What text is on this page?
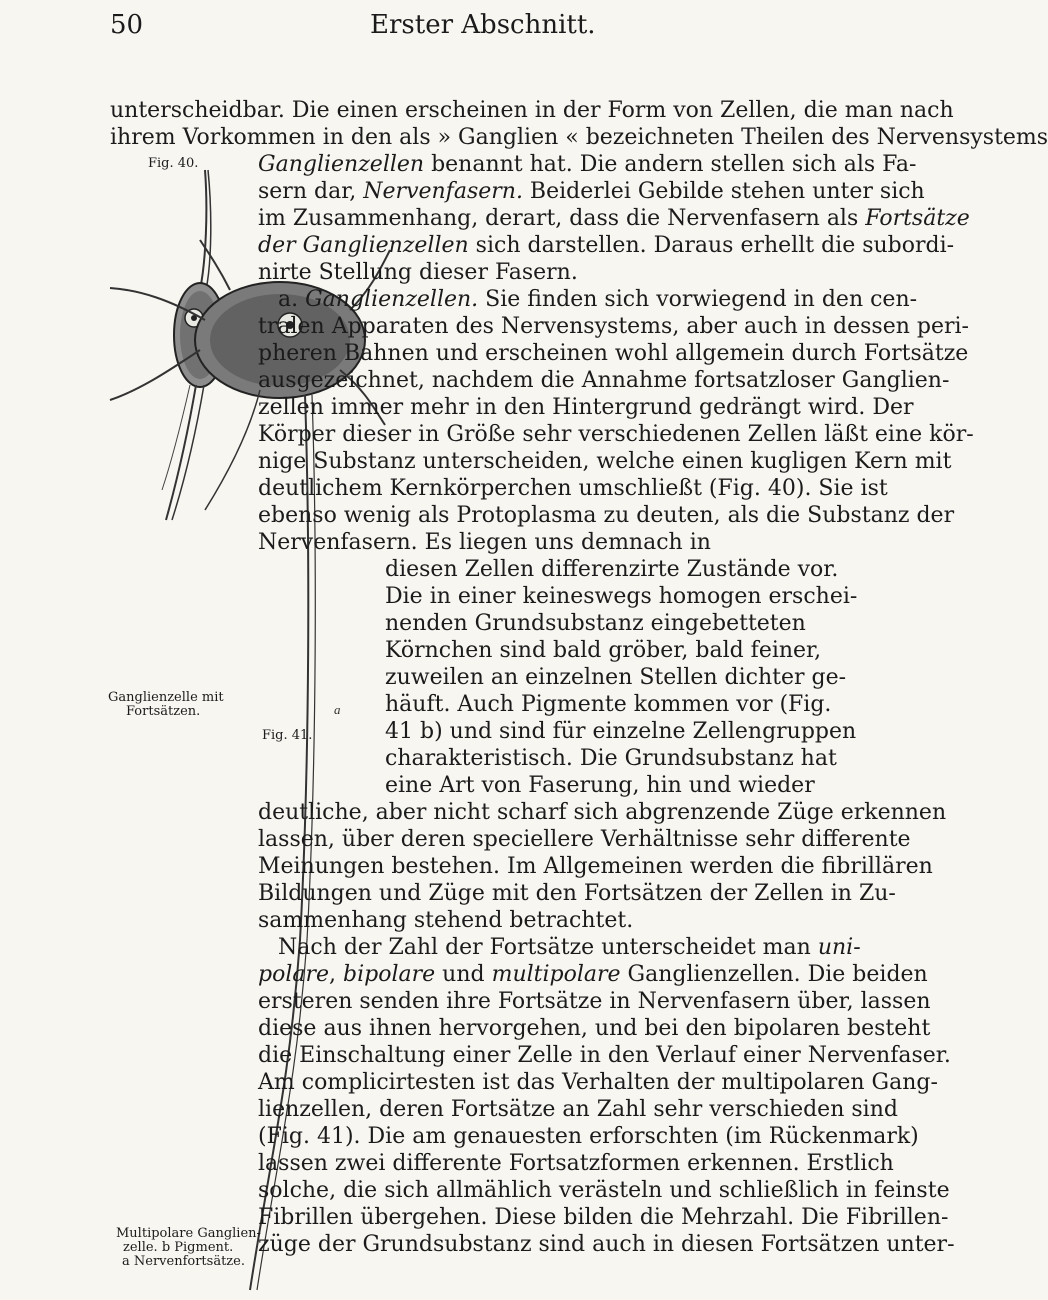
50	Erster Abschnitt.
Fig. 40.
Ganglienzelle mit
Fortsätzen.
Fig. 41.
a
Multipolare Ganglien-
zelle. b Pigment.
a Nervenfortsätze.
unterscheidbar. Die einen erscheinen in der Form von Zellen, die man nach
ihrem Vorkommen in den als » Ganglien « bezeichneten Theilen des Nervensystems
Ganglienzellen benannt hat. Die andern stellen sich als Fa-
sern dar, Nervenfasern. Beiderlei Gebilde stehen unter sich
im Zusammenhang, derart, dass die Nervenfasern als Fortsätze
der Ganglienzellen sich darstellen. Daraus erhellt die subordi-
nirte Stellung dieser Fasern.
a. Ganglienzellen. Sie finden sich vorwiegend in den cen-
tralen Apparaten des Nervensystems, aber auch in dessen peri-
pheren Bahnen und erscheinen wohl allgemein durch Fortsätze
ausgezeichnet, nachdem die Annahme fortsatzloser Ganglien-
zellen immer mehr in den Hintergrund gedrängt wird. Der
Körper dieser in Größe sehr verschiedenen Zellen läßt eine kör-
nige Substanz unterscheiden, welche einen kugligen Kern mit
deutlichem Kernkörperchen umschließt (Fig. 40). Sie ist
ebenso wenig als Protoplasma zu deuten, als die Substanz der
Nervenfasern. Es liegen uns demnach in
diesen Zellen differenzirte Zustände vor.
Die in einer keineswegs homogen erschei-
nenden Grundsubstanz eingebetteten
Körnchen sind bald gröber, bald feiner,
zuweilen an einzelnen Stellen dichter ge-
häuft. Auch Pigmente kommen vor (Fig.
41 b) und sind für einzelne Zellengruppen
charakteristisch. Die Grundsubstanz hat
eine Art von Faserung, hin und wieder
deutliche, aber nicht scharf sich abgrenzende Züge erkennen
lassen, über deren speciellere Verhältnisse sehr differente
Meinungen bestehen. Im Allgemeinen werden die fibrillären
Bildungen und Züge mit den Fortsätzen der Zellen in Zu-
sammenhang stehend betrachtet.
Nach der Zahl der Fortsätze unterscheidet man uni-
polare, bipolare und multipolare Ganglienzellen. Die beiden
ersteren senden ihre Fortsätze in Nervenfasern über, lassen
diese aus ihnen hervorgehen, und bei den bipolaren besteht
die Einschaltung einer Zelle in den Verlauf einer Nervenfaser.
Am complicirtesten ist das Verhalten der multipolaren Gang-
lienzellen, deren Fortsätze an Zahl sehr verschieden sind
(Fig. 41). Die am genauesten erforschten (im Rückenmark)
lassen zwei differente Fortsatzformen erkennen. Erstlich
solche, die sich allmählich verästeln und schließlich in feinste
Fibrillen übergehen. Diese bilden die Mehrzahl. Die Fibrillen-
züge der Grundsubstanz sind auch in diesen Fortsätzen unter-
